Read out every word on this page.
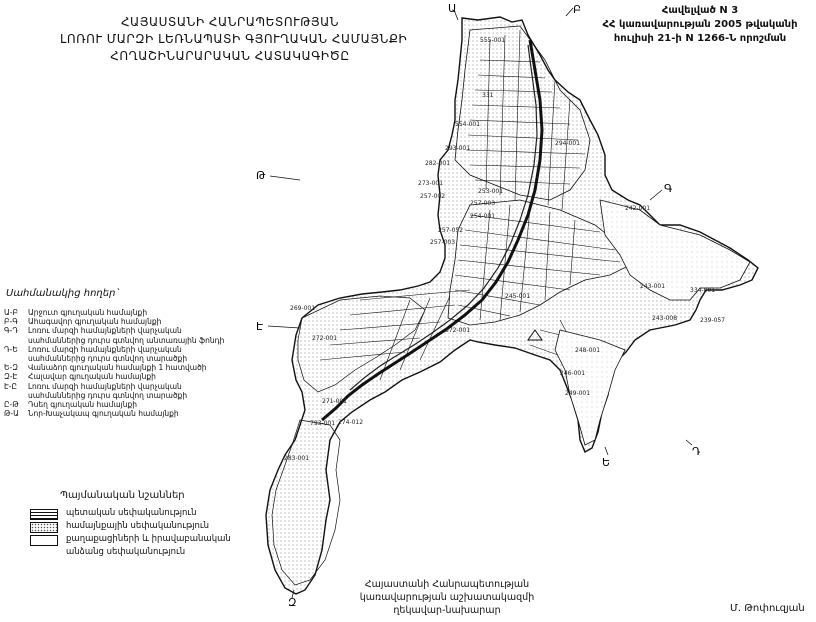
Ա	Բ
Գ
Դ
Ե
Զ
Է
Թ
555-001
331
554-001
293-001
282-001
273-001
257-002
257-003
254-001
253-001
257-052
257-003
294-001
242-001
243-001
269-001
272-001
245-001
246-001
248-001
249-001
283-001
793-001
271-001
274-012
243-008	239-057
334-001
372-001
ՀԱՅԱՍՏԱՆԻ ՀԱՆՐԱՊԵՏՈՒԹՅԱՆ
ԼՈՌՈՒ ՄԱՐԶԻ ԼԵՌՆԱՊԱՏԻ ԳՅՈՒՂԱԿԱՆ ՀԱՄԱՅՆՔԻ
ՀՈՂԱՇԻՆԱՐԱՐԱԿԱՆ ՀԱՏԱԿԱԳԻԾԸ
Հավելված N 3
ՀՀ կառավարության 2005 թվականի
հուլիսի 21-ի N 1266-Ն որոշման
Սահմանակից հողեր`
Ա-Բ	Արջուտ գյուղական համայնքի
Բ-Գ	Ահագավոր գյուղական համայնքի
Գ-Դ	Լոռու մարզի համայնքների վարչական
սահմաններից դուրս գտնվող անտառային ֆոնդի
Դ-Ե	Լոռու մարզի համայնքների վարչական
սահմաններից դուրս գտնվող տարածքի
Ե-Զ	Վանաձոր գյուղական համայնքի 1 հատվածի
Զ-Է	Հալավար գյուղական համայնքի
Է-Ը	Լոռու մարզի համայնքների վարչական
սահմաններից դուրս գտնվող տարածքի
Ը-Թ	Դսեղ գյուղական համայնքի
Թ-Ա	Նոր-Խաչակապ գյուղական համայնքի
Պայմանական նշաններ
պետական սեփականություն
համայնքային սեփականություն
քաղաքացիների և իրավաբանական
անձանց սեփականություն
Հայաստանի Հանրապետության
կառավարության աշխատակազմի
ղեկավար-նախարար	Մ. Թոփուզյան
